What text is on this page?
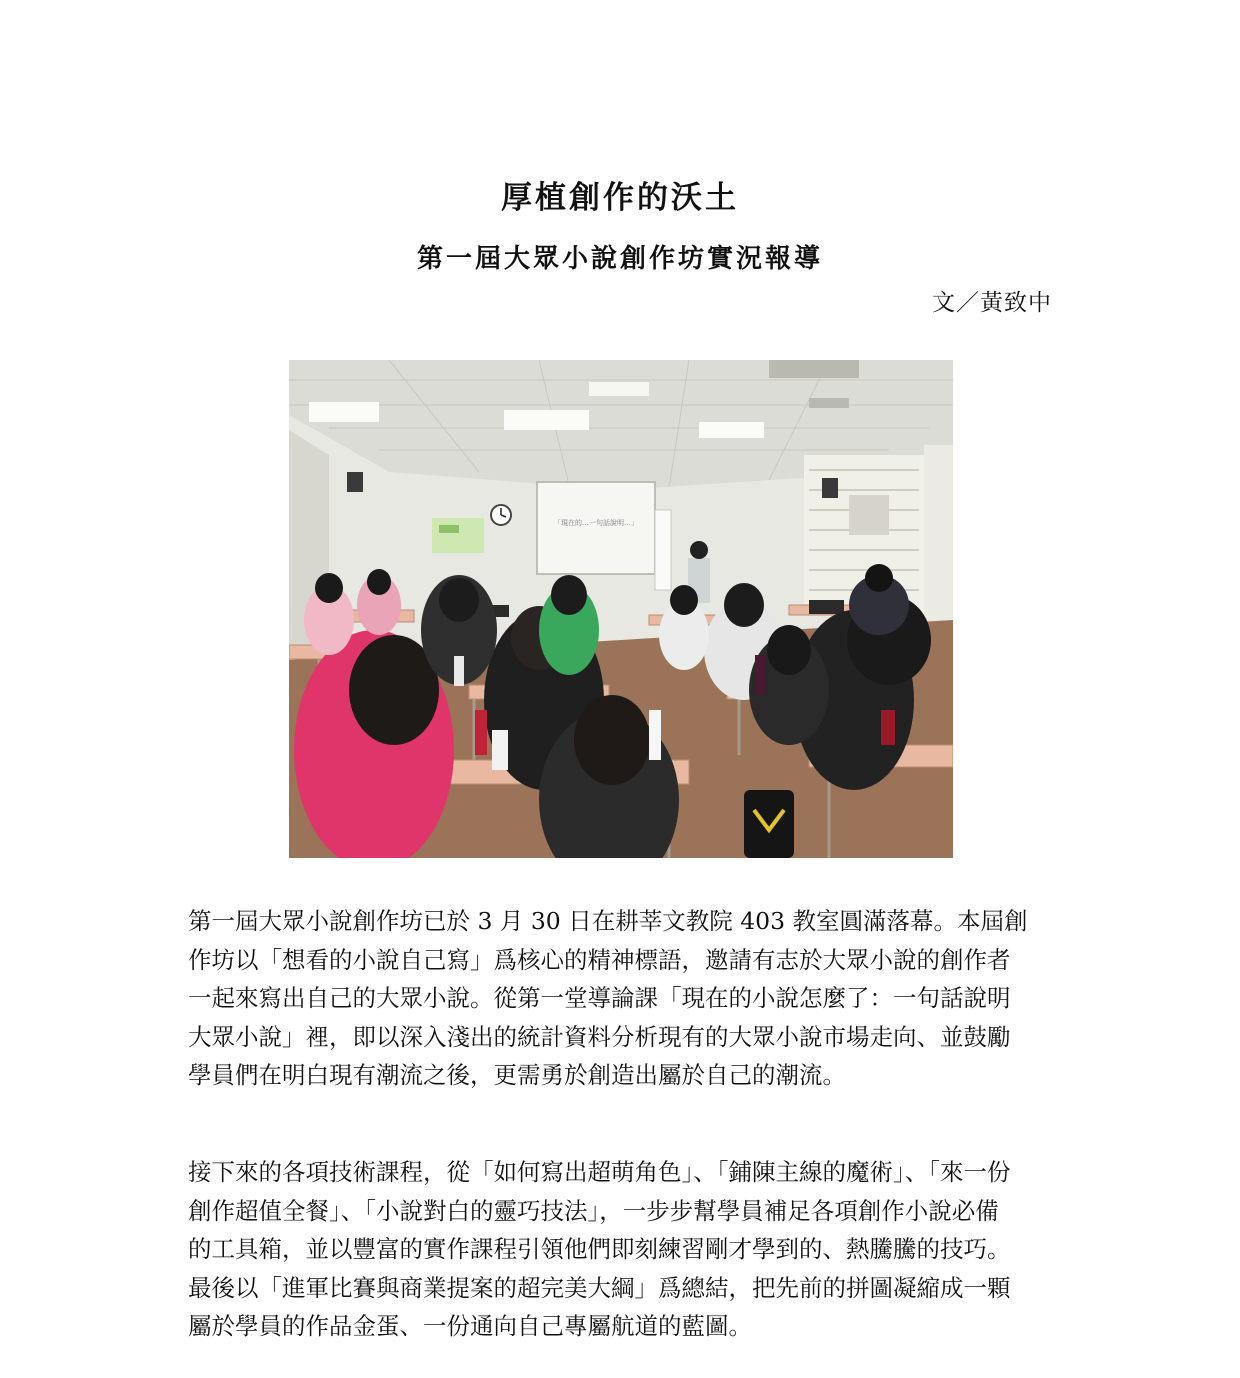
厚植創作的沃土
第一屆大眾小說創作坊實況報導
文／黃致中
「現在的…一句話說明…」
第一屆大眾小說創作坊已於 3 月 30 日在耕莘文教院 403 教室圓滿落幕。本屆創
作坊以「想看的小說自己寫」爲核心的精神標語，邀請有志於大眾小說的創作者
一起來寫出自己的大眾小說。從第一堂導論課「現在的小說怎麼了：一句話說明
大眾小說」裡，即以深入淺出的統計資料分析現有的大眾小說市場走向、並鼓勵
學員們在明白現有潮流之後，更需勇於創造出屬於自己的潮流。
接下來的各項技術課程，從「如何寫出超萌角色」、「鋪陳主線的魔術」、「來一份
創作超值全餐」、「小說對白的靈巧技法」，一步步幫學員補足各項創作小說必備
的工具箱，並以豐富的實作課程引領他們即刻練習剛才學到的、熱騰騰的技巧。
最後以「進軍比賽與商業提案的超完美大綱」爲總結，把先前的拼圖凝縮成一顆
屬於學員的作品金蛋、一份通向自己專屬航道的藍圖。
